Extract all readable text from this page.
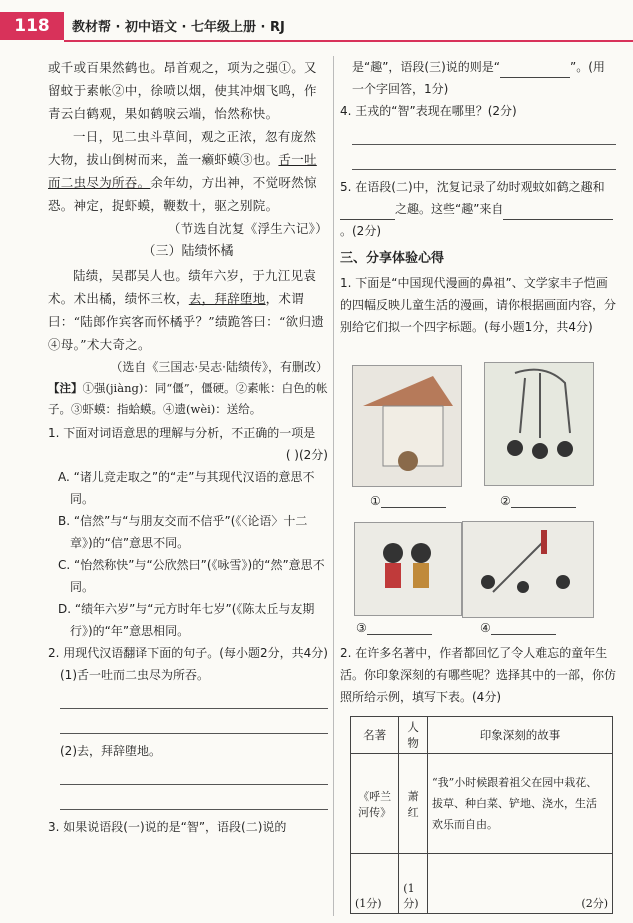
118	教材帮 · 初中语文 · 七年级上册 · RJ

或千或百果然鹤也。昂首观之，项为之强①。又留蚊于素帐②中，徐喷以烟，使其冲烟飞鸣，作青云白鹤观，果如鹤唳云端，怡然称快。

一日，见二虫斗草间，观之正浓，忽有庞然大物，拔山倒树而来，盖一癞虾蟆③也。舌一吐而二虫尽为所吞。余年幼，方出神，不觉呀然惊恐。神定，捉虾蟆，鞭数十，驱之别院。

（节选自沈复《浮生六记》）

（三）陆绩怀橘

陆绩，吴郡吴人也。绩年六岁，于九江见袁术。术出橘，绩怀三枚，去，拜辞堕地，术谓曰：“陆郎作宾客而怀橘乎？”绩跪答曰：“欲归遗④母。”术大奇之。

（选自《三国志·吴志·陆绩传》，有删改）

【注】①强(jiàng)：同“僵”，僵硬。②素帐：白色的帐子。③虾蟆：指蛤蟆。④遗(wèi)：送给。

1. 下面对词语意思的理解与分析，不正确的一项是

( )(2分)

A. “诸儿竞走取之”的“走”与其现代汉语的意思不同。

B. “信然”与“与朋友交而不信乎”(《〈论语〉十二章》)的“信”意思不同。

C. “怡然称快”与“公欣然曰”(《咏雪》)的“然”意思不同。

D. “绩年六岁”与“元方时年七岁”(《陈太丘与友期行》)的“年”意思相同。

2. 用现代汉语翻译下面的句子。(每小题2分，共4分)

(1)舌一吐而二虫尽为所吞。

(2)去，拜辞堕地。

3. 如果说语段(一)说的是“智”，语段(二)说的

是“趣”，语段(三)说的则是“	”。(用一个字回答，1分)

4. 王戎的“智”表现在哪里？(2分)

5. 在语段(二)中，沈复记录了幼时观蚊如鹤之趣和之趣。这些“趣”来自。(2分)

三、分享体验心得

1. 下面是“中国现代漫画的鼻祖”、文学家丰子恺画的四幅反映儿童生活的漫画，请你根据画面内容，分别给它们拟一个四字标题。(每小题1分，共4分)

①	②
③	④

2. 在许多名著中，作者都回忆了令人难忘的童年生活。你印象深刻的有哪些呢？选择其中的一部，你仿照所给示例，填写下表。(4分)

名著	人物	印象深刻的故事
《呼兰河传》	萧红	“我”小时候跟着祖父在园中栽花、拔草、种白菜、铲地、浇水，生活欢乐而自由。
(1分)	(1分)	(2分)
